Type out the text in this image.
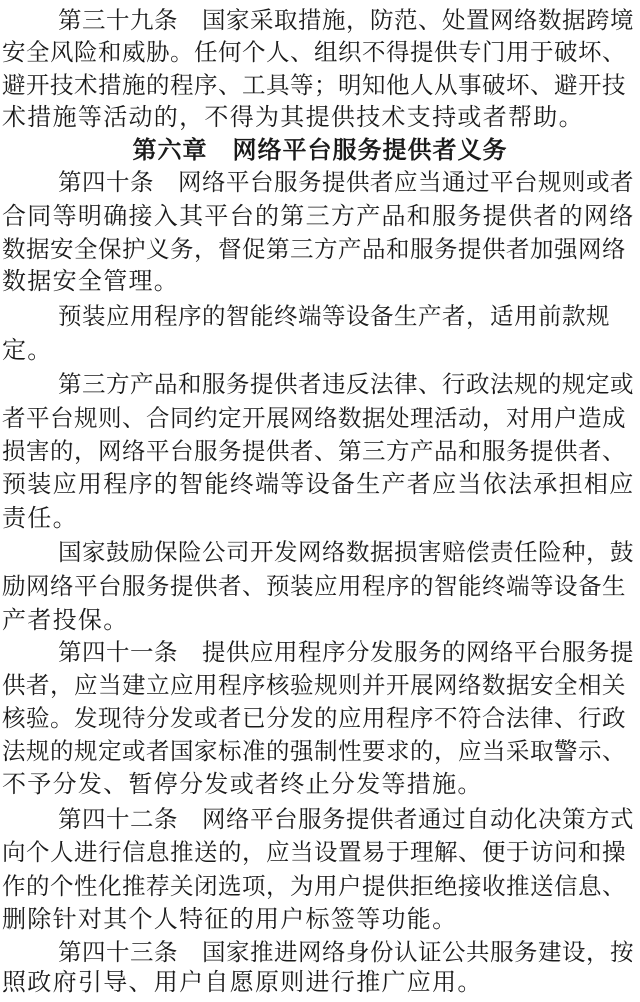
第三十九条　国家采取措施，防范、处置网络数据跨境
安全风险和威胁。任何个人、组织不得提供专门用于破坏、
避开技术措施的程序、工具等；明知他人从事破坏、避开技
术措施等活动的，不得为其提供技术支持或者帮助。
第六章　网络平台服务提供者义务
第四十条　网络平台服务提供者应当通过平台规则或者
合同等明确接入其平台的第三方产品和服务提供者的网络
数据安全保护义务，督促第三方产品和服务提供者加强网络
数据安全管理。
预装应用程序的智能终端等设备生产者，适用前款规
定。
第三方产品和服务提供者违反法律、行政法规的规定或
者平台规则、合同约定开展网络数据处理活动，对用户造成
损害的，网络平台服务提供者、第三方产品和服务提供者、
预装应用程序的智能终端等设备生产者应当依法承担相应
责任。
国家鼓励保险公司开发网络数据损害赔偿责任险种，鼓
励网络平台服务提供者、预装应用程序的智能终端等设备生
产者投保。
第四十一条　提供应用程序分发服务的网络平台服务提
供者，应当建立应用程序核验规则并开展网络数据安全相关
核验。发现待分发或者已分发的应用程序不符合法律、行政
法规的规定或者国家标准的强制性要求的，应当采取警示、
不予分发、暂停分发或者终止分发等措施。
第四十二条　网络平台服务提供者通过自动化决策方式
向个人进行信息推送的，应当设置易于理解、便于访问和操
作的个性化推荐关闭选项，为用户提供拒绝接收推送信息、
删除针对其个人特征的用户标签等功能。
第四十三条　国家推进网络身份认证公共服务建设，按
照政府引导、用户自愿原则进行推广应用。
